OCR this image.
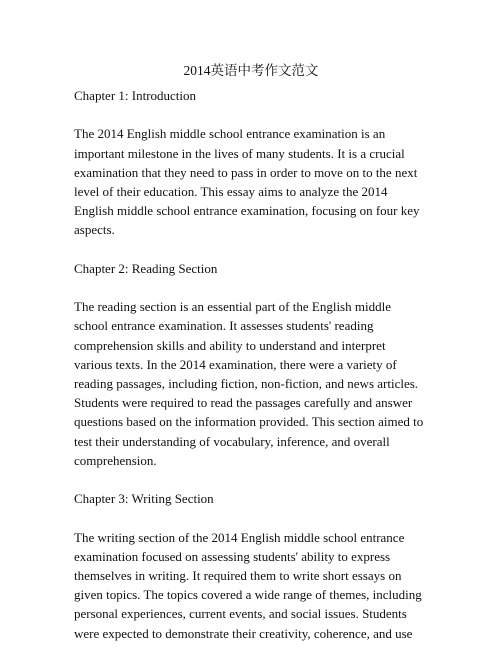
2014英语中考作文范文
Chapter 1: Introduction
The 2014 English middle school entrance examination is an
important milestone in the lives of many students. It is a crucial
examination that they need to pass in order to move on to the next
level of their education. This essay aims to analyze the 2014
English middle school entrance examination, focusing on four key
aspects.
Chapter 2: Reading Section
The reading section is an essential part of the English middle
school entrance examination. It assesses students' reading
comprehension skills and ability to understand and interpret
various texts. In the 2014 examination, there were a variety of
reading passages, including fiction, non-fiction, and news articles.
Students were required to read the passages carefully and answer
questions based on the information provided. This section aimed to
test their understanding of vocabulary, inference, and overall
comprehension.
Chapter 3: Writing Section
The writing section of the 2014 English middle school entrance
examination focused on assessing students' ability to express
themselves in writing. It required them to write short essays on
given topics. The topics covered a wide range of themes, including
personal experiences, current events, and social issues. Students
were expected to demonstrate their creativity, coherence, and use
